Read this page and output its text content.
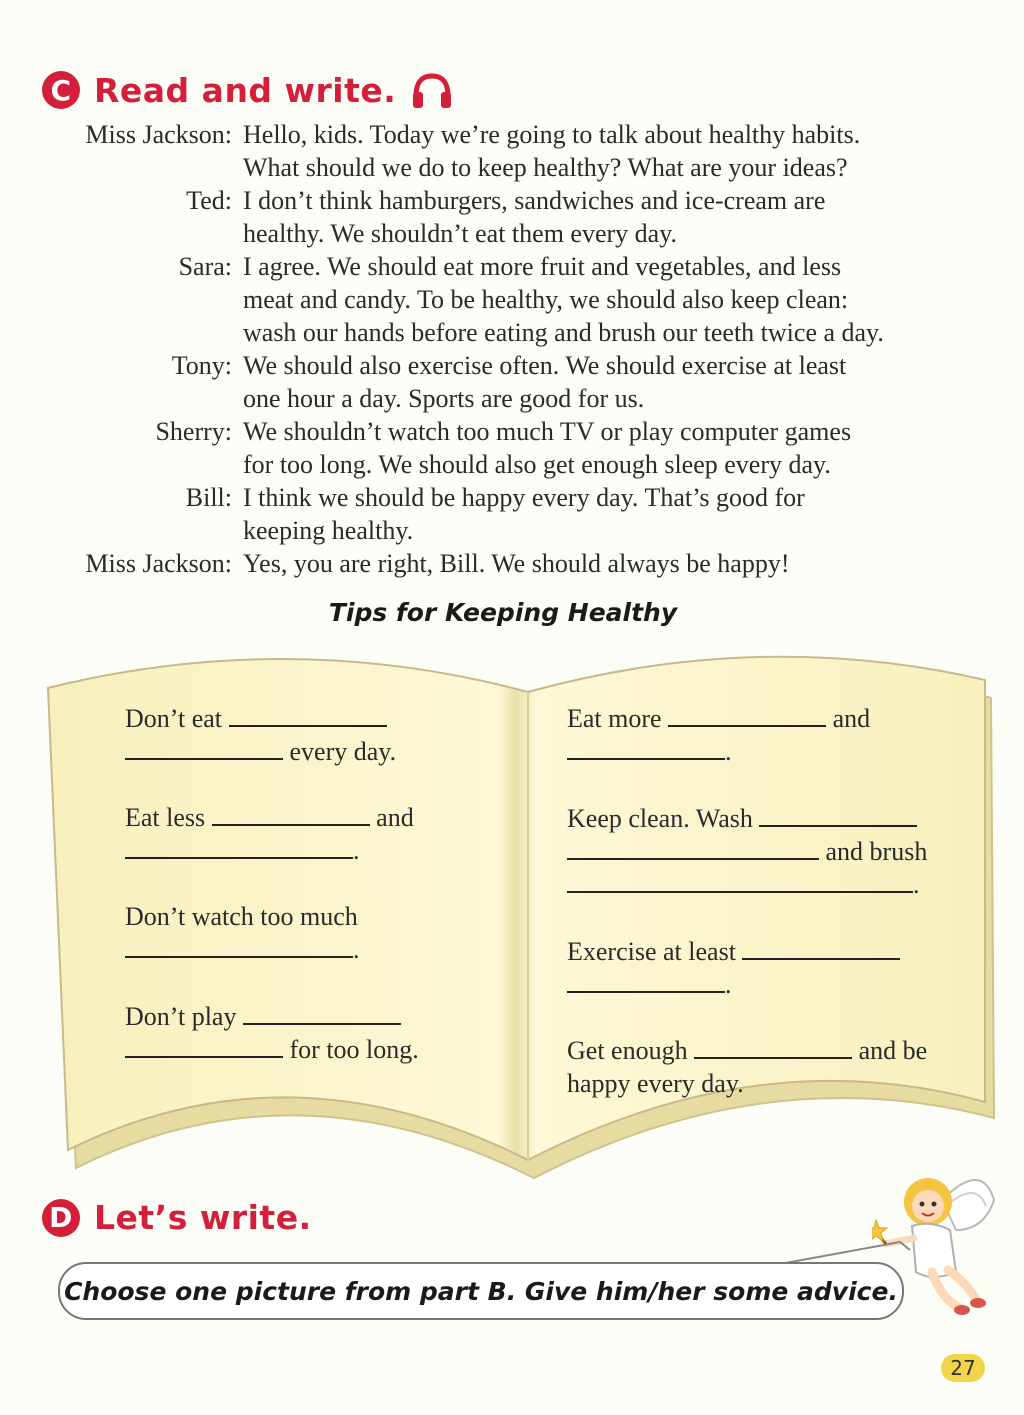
C Read and write.
Miss Jackson: Hello, kids. Today we’re going to talk about healthy habits.
What should we do to keep healthy? What are your ideas?
Ted: I don’t think hamburgers, sandwiches and ice-cream are
healthy. We shouldn’t eat them every day.
Sara: I agree. We should eat more fruit and vegetables, and less
meat and candy. To be healthy, we should also keep clean:
wash our hands before eating and brush our teeth twice a day.
Tony: We should also exercise often. We should exercise at least
one hour a day. Sports are good for us.
Sherry: We shouldn’t watch too much TV or play computer games
for too long. We should also get enough sleep every day.
Bill: I think we should be happy every day. That’s good for
keeping healthy.
Miss Jackson: Yes, you are right, Bill. We should always be happy!
Tips for Keeping Healthy
Don’t eat
every day.
Eat less	and
.
Don’t watch too much
.
Don’t play
for too long.
Eat more	and
.
Keep clean. Wash
and brush
.
Exercise at least
.
Get enough	and be
happy every day.
D Let’s write.
Choose one picture from part B. Give him/her some advice.
27
